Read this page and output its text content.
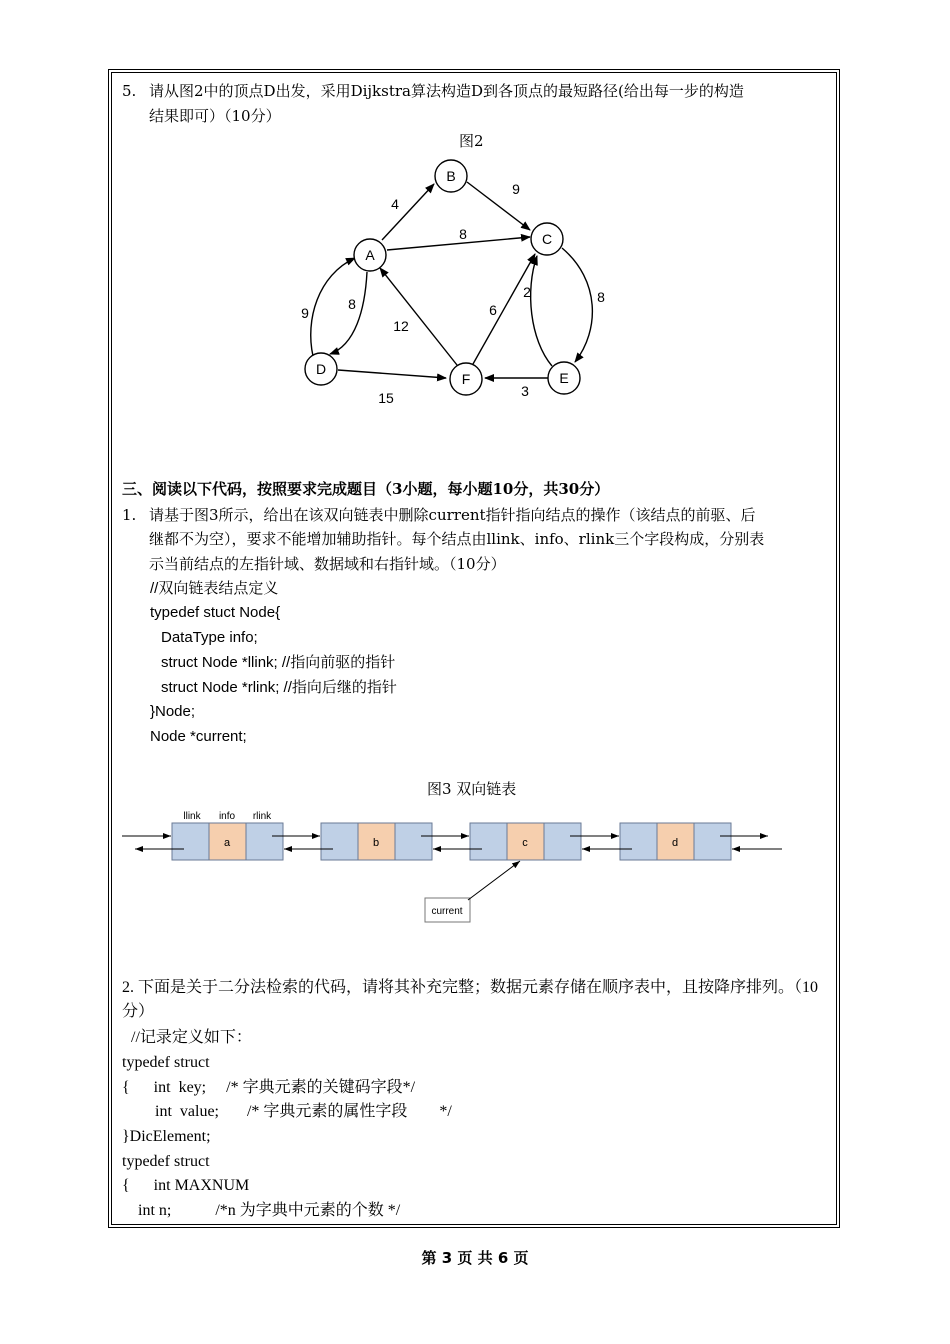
5. 请从图2中的顶点D出发，采用Dijkstra算法构造D到各顶点的最短路径(给出每一步的构造
结果即可）（10分）
图2
B
A
C
D
E
F
4
9
8
8
9
8
12
6
2
3
15
三、阅读以下代码，按照要求完成题目（3小题，每小题10分，共30分）
1. 请基于图3所示，给出在该双向链表中删除current指针指向结点的操作（该结点的前驱、后
继都不为空），要求不能增加辅助指针。每个结点由llink、info、rlink三个字段构成，分别表
示当前结点的左指针域、数据域和右指针域。（10分）
//双向链表结点定义
typedef stuct Node{
DataType info;
struct Node *llink; //指向前驱的指针
struct Node *rlink; //指向后继的指针
}Node;
Node *current;
图3 双向链表
llink info rlink
a	b	c	d
current
2. 下面是关于二分法检索的代码，请将其补充完整；数据元素存储在顺序表中，且按降序排列。（10
分）
//记录定义如下：
typedef struct
{      int  key;     /* 字典元素的关键码字段*/
int  value;       /* 字典元素的属性字段        */
}DicElement;
typedef struct
{      int MAXNUM
int n;           /*n 为字典中元素的个数 */
第 3 页 共 6 页
